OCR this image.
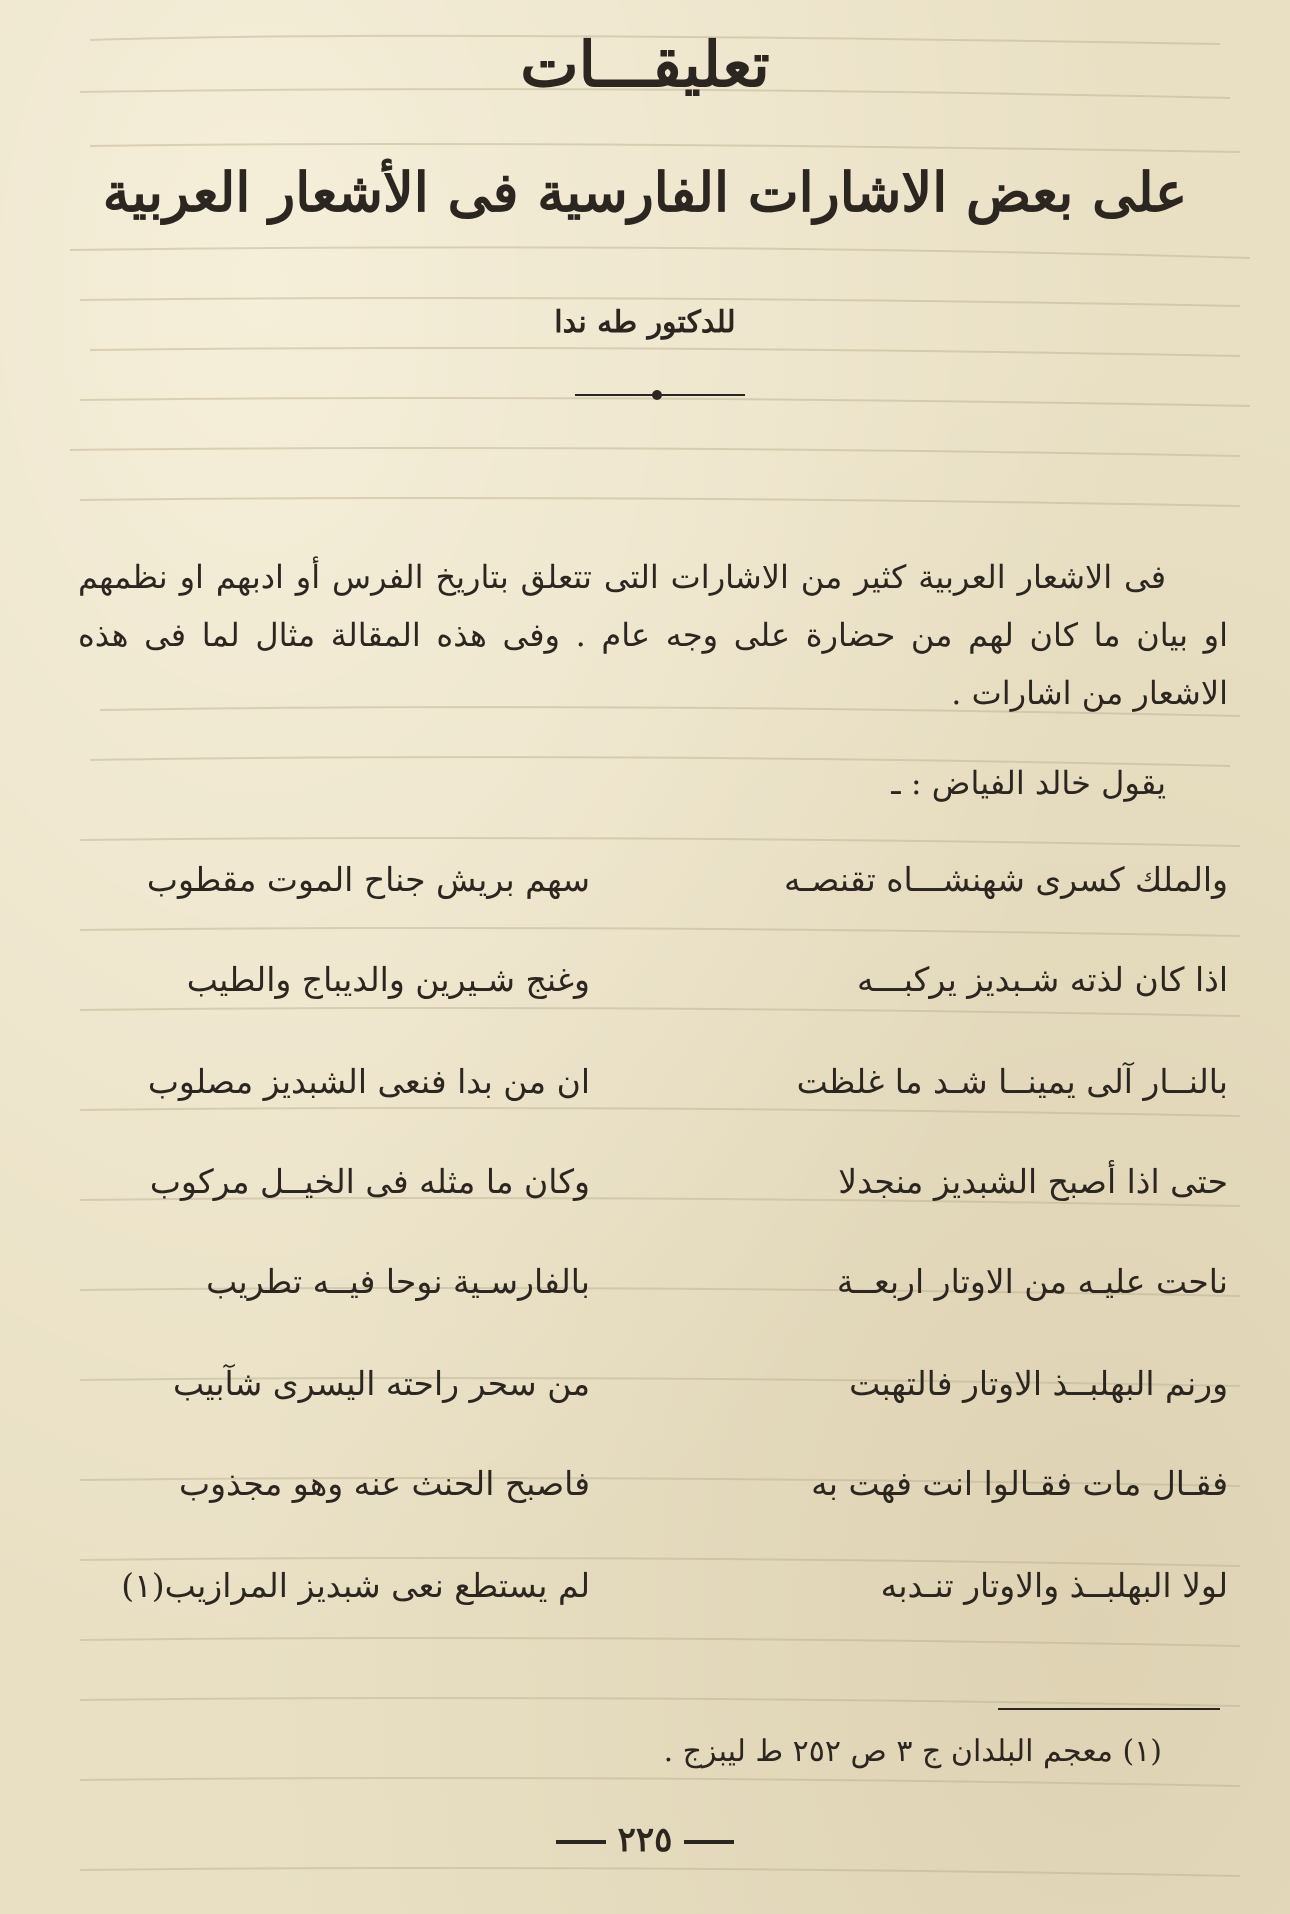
تعليقـــات
على بعض الاشارات الفارسية فى الأشعار العربية
للدكتور طه ندا
فى الاشعار العربية كثير من الاشارات التى تتعلق بتاريخ الفرس أو ادبهم او نظمهم او بيان ما كان لهم من حضارة على وجه عام . وفى هذه المقالة مثال لما فى هذه الاشعار من اشارات .
يقول خالد الفياض : ـ
والملك كسرى شهنشـــاه تقنصـه
سهم بريش جناح الموت مقطوب
اذا كان لذته شـبديز يركبـــه
وغنج شـيرين والديباج والطيب
بالنــار آلى يمينــا شـد ما غلظت
ان من بدا فنعى الشبديز مصلوب
حتى اذا أصبح الشبديز منجدلا
وكان ما مثله فى الخيــل مركوب
ناحت عليـه من الاوتار اربعــة
بالفارسـية نوحا فيــه تطريب
ورنم البهلبــذ الاوتار فالتهبت
من سحر راحته اليسرى شآبيب
فقـال مات فقـالوا انت فهت به
فاصبح الحنث عنه وهو مجذوب
لولا البهلبــذ والاوتار تنـدبه
لم يستطع نعى شبديز المرازيب(١)
(١) معجم البلدان ج ٣ ص ٢٥٢ ط ليبزج .
٢٢٥
